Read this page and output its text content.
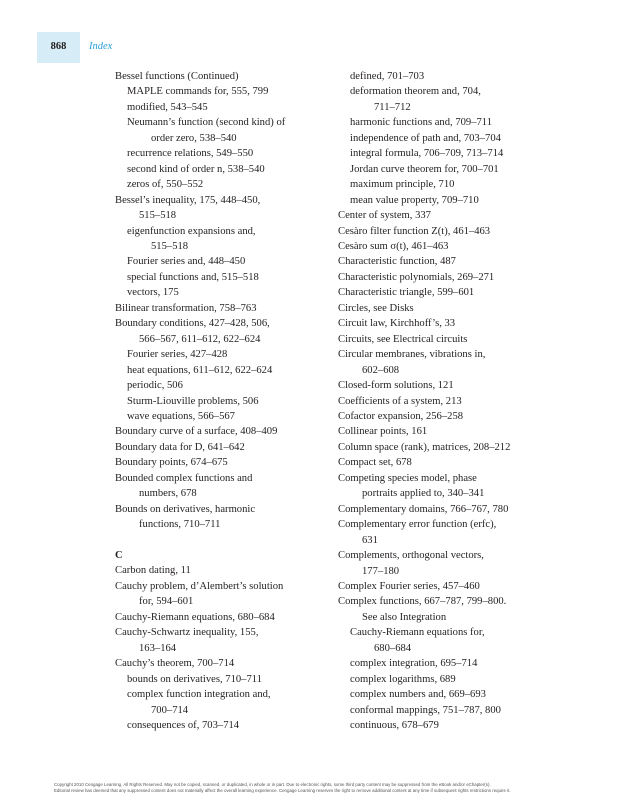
868	Index
Bessel functions (Continued)
MAPLE commands for, 555, 799
modified, 543–545
Neumann’s function (second kind) of
order zero, 538–540
recurrence relations, 549–550
second kind of order n, 538–540
zeros of, 550–552
Bessel’s inequality, 175, 448–450,
515–518
eigenfunction expansions and,
515–518
Fourier series and, 448–450
special functions and, 515–518
vectors, 175
Bilinear transformation, 758–763
Boundary conditions, 427–428, 506,
566–567, 611–612, 622–624
Fourier series, 427–428
heat equations, 611–612, 622–624
periodic, 506
Sturm-Liouville problems, 506
wave equations, 566–567
Boundary curve of a surface, 408–409
Boundary data for D, 641–642
Boundary points, 674–675
Bounded complex functions and
numbers, 678
Bounds on derivatives, harmonic
functions, 710–711
C
Carbon dating, 11
Cauchy problem, d’Alembert’s solution
for, 594–601
Cauchy-Riemann equations, 680–684
Cauchy-Schwartz inequality, 155,
163–164
Cauchy’s theorem, 700–714
bounds on derivatives, 710–711
complex function integration and,
700–714
consequences of, 703–714
defined, 701–703
deformation theorem and, 704,
711–712
harmonic functions and, 709–711
independence of path and, 703–704
integral formula, 706–709, 713–714
Jordan curve theorem for, 700–701
maximum principle, 710
mean value property, 709–710
Center of system, 337
Cesàro filter function Z(t), 461–463
Cesàro sum σ(t), 461–463
Characteristic function, 487
Characteristic polynomials, 269–271
Characteristic triangle, 599–601
Circles, see Disks
Circuit law, Kirchhoff’s, 33
Circuits, see Electrical circuits
Circular membranes, vibrations in,
602–608
Closed-form solutions, 121
Coefficients of a system, 213
Cofactor expansion, 256–258
Collinear points, 161
Column space (rank), matrices, 208–212
Compact set, 678
Competing species model, phase
portraits applied to, 340–341
Complementary domains, 766–767, 780
Complementary error function (erfc),
631
Complements, orthogonal vectors,
177–180
Complex Fourier series, 457–460
Complex functions, 667–787, 799–800.
See also Integration
Cauchy-Riemann equations for,
680–684
complex integration, 695–714
complex logarithms, 689
complex numbers and, 669–693
conformal mappings, 751–787, 800
continuous, 678–679
Copyright 2010 Cengage Learning. All Rights Reserved. May not be copied, scanned, or duplicated, in whole or in part. Due to electronic rights, some third party content may be suppressed from the eBook and/or eChapter(s).
Editorial review has deemed that any suppressed content does not materially affect the overall learning experience. Cengage Learning reserves the right to remove additional content at any time if subsequent rights restrictions require it.
